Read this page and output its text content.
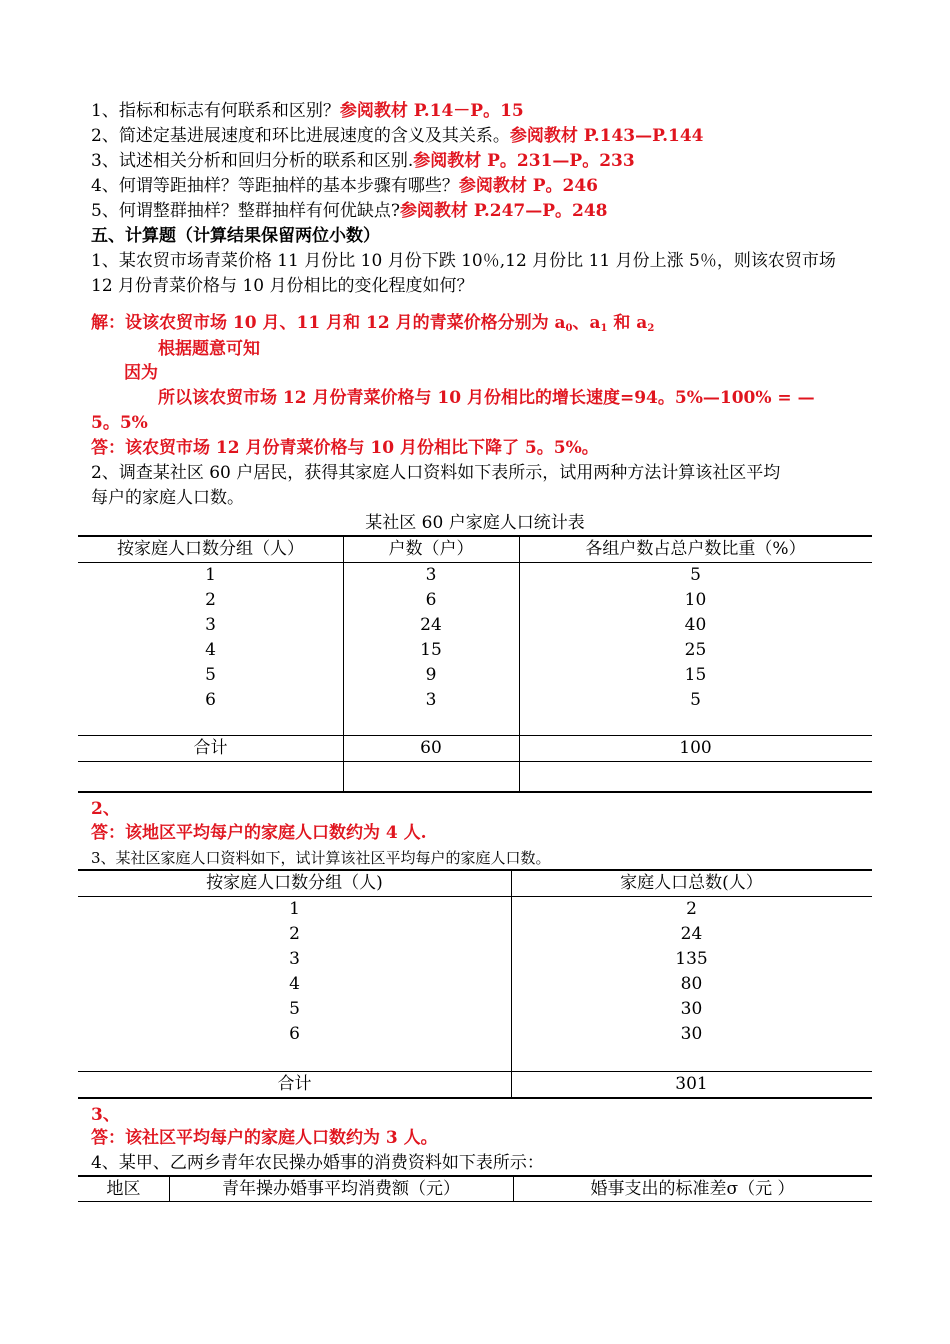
1、指标和标志有何联系和区别？参阅教材 P.14－P。15
2、简述定基进展速度和环比进展速度的含义及其关系。参阅教材 P.143—P.144
3、试述相关分析和回归分析的联系和区别.参阅教材 P。231—P。233
4、何谓等距抽样？等距抽样的基本步骤有哪些？参阅教材 P。246
5、何谓整群抽样？整群抽样有何优缺点?参阅教材 P.247—P。248
五、计算题（计算结果保留两位小数）
1、某农贸市场青菜价格 11 月份比 10 月份下跌 10％,12 月份比 11 月份上涨 5％，则该农贸市场
12 月份青菜价格与 10 月份相比的变化程度如何？
解：设该农贸市场 10 月、11 月和 12 月的青菜价格分别为 $a_0$、$a_1$ 和 $a_2$
根据题意可知
因为
所以该农贸市场 12 月份青菜价格与 10 月份相比的增长速度=94。5%—100% = —
5。5%
答：该农贸市场 12 月份青菜价格与 10 月份相比下降了 5。5%。
2、调查某社区 60 户居民，获得其家庭人口资料如下表所示，试用两种方法计算该社区平均
每户的家庭人口数。
某社区 60 户家庭人口统计表
按家庭人口数分组（人）	户数（户）	各组户数占总户数比重（%）
1	3	5
2	6	10
3	24	40
4	15	25
5	9	15
6	3	5
合计	60	100
2、
答：该地区平均每户的家庭人口数约为 4 人.
3、某社区家庭人口资料如下，试计算该社区平均每户的家庭人口数。
按家庭人口数分组（人)	家庭人口总数(人）
1	2
2	24
3	135
4	80
5	30
6	30
合计	301
3、
答：该社区平均每户的家庭人口数约为 3 人。
4、某甲、乙两乡青年农民操办婚事的消费资料如下表所示：
地区	青年操办婚事平均消费额（元）	婚事支出的标准差σ（元 ）
